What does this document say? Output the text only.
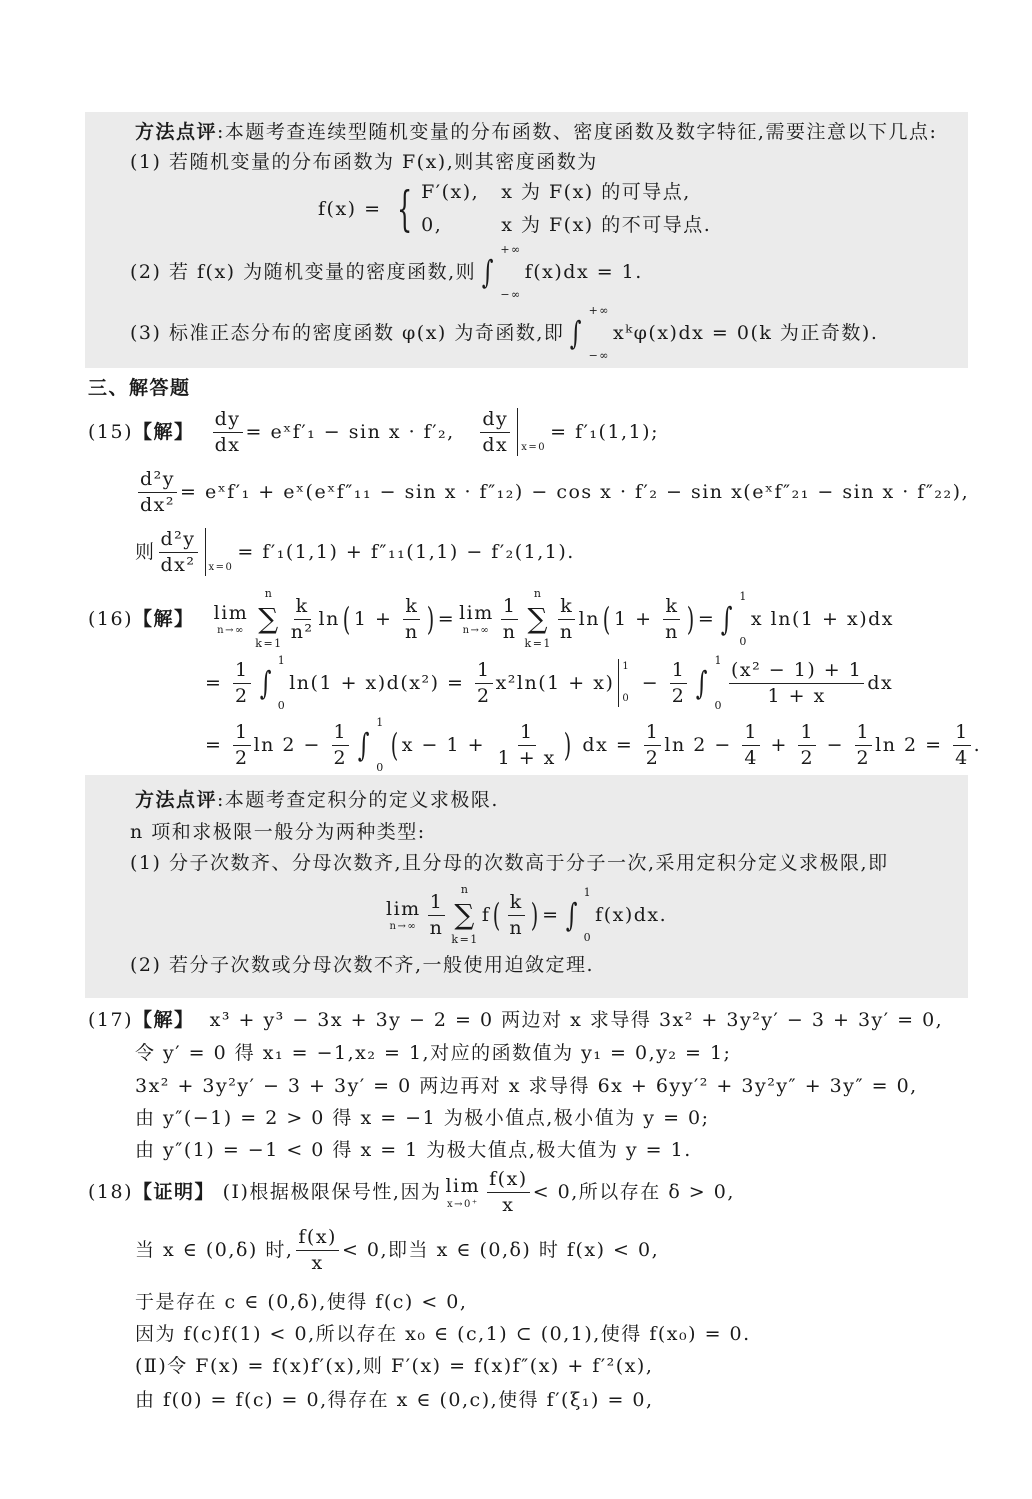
方法点评 :本题考查连续型随机变量的分布函数、密度函数及数字特征,需要注意以下几点:
(1) 若随机变量的分布函数为 F(x),则其密度函数为
f(x) = { F′(x), x 为 F(x) 的可导点,
0,	x 为 F(x) 的不可导点.
(2) 若 f(x) 为随机变量的密度函数,则 ∫
+∞
−∞
f(x)dx = 1.
(3) 标准正态分布的密度函数 φ(x) 为奇函数,即 ∫
+∞
−∞
xᵏφ(x)dx = 0(k 为正奇数).
三、解答题
(15) 【解】
$\frac{dy}{dx}$ = eˣf′₁ − sin x · f′₂, $\frac{dy}{dx} x=0$
= f′₁(1,1);
$\frac{\text{d²y}}{\text{dx²}}$ = eˣf′₁ + eˣ(eˣf″₁₁ − sin x · f″₁₂) − cos x · f′₂ − sin x(eˣf″₂₁ − sin x · f″₂₂),
则 $\frac{\text{d²y}}{\text{dx²}} x=0$
= f′₁(1,1) + f″₁₁(1,1) − f′₂(1,1).
(16) 【解】
lim
n→∞
n
∑
k=1
$\frac{k}{\text{n²}}$ ln ( $1 + \frac{k}{n}$ ) = lim
$n\to\infty \frac{1}{n}$
n
∑
k=1
$\frac{k}{n}$ ln ( $1 + \frac{k}{n}$ ) = ∫
1
0
x ln(1 + x)dx
= $\frac{1}{2}$ ∫
1
0
$\ln(1 + x)d(x^2) = \frac{1}{2} x^2\ln(1 + x)$
1
0
− $\frac{1}{2}$ ∫
1
$0 \frac{\text{(x² − 1) + 1}}{1 + x}$ dx
= $\frac{1}{2}$ $\ln 2 - \frac{1}{2}$ ∫
1
0
( $x - 1 + \frac{1}{1 + x}$ ) dx = $\frac{1}{2}$ $\ln 2 - \frac{1}{4} + \frac{1}{2} - \frac{1}{2}$ $\ln 2 = \frac{1}{4}$ .
方法点评 :本题考查定积分的定义求极限.
n 项和求极限一般分为两种类型:
(1) 分子次数齐、分母次数齐,且分母的次数高于分子一次,采用定积分定义求极限,即
lim
$n\to\infty \frac{1}{n}$
n
∑
k=1
f ( $\frac{k}{n}$ ) = ∫
1
0
f(x)dx.
(2) 若分子次数或分母次数不齐,一般使用迫敛定理.
(17) 【解】 x³ + y³ − 3x + 3y − 2 = 0 两边对 x 求导得 3x² + 3y²y′ − 3 + 3y′ = 0,
令 y′ = 0 得 x₁ = −1,x₂ = 1,对应的函数值为 y₁ = 0,y₂ = 1;
3x² + 3y²y′ − 3 + 3y′ = 0 两边再对 x 求导得 6x + 6yy′² + 3y²y″ + 3y″ = 0,
由 y″(−1) = 2 > 0 得 x = −1 为极小值点,极小值为 y = 0;
由 y″(1) = −1 < 0 得 x = 1 为极大值点,极大值为 y = 1.
(18) 【证明】 (Ⅰ)根据极限保号性,因为 lim
$x\to 0^+ \frac{f(x)}{x} < 0$,所以存在 δ > 0,
当 x ∈ (0,δ) 时, $\frac{f(x)}{x} < 0$,即当 x ∈ (0,δ) 时 f(x) < 0,
于是存在 c ∈ (0,δ),使得 f(c) < 0,
因为 f(c)f(1) < 0,所以存在 x₀ ∈ (c,1) ⊂ (0,1),使得 f(x₀) = 0.
(Ⅱ)令 F(x) = f(x)f′(x),则 F′(x) = f(x)f″(x) + f′²(x),
由 f(0) = f(c) = 0,得存在 x ∈ (0,c),使得 f′(ξ₁) = 0,
